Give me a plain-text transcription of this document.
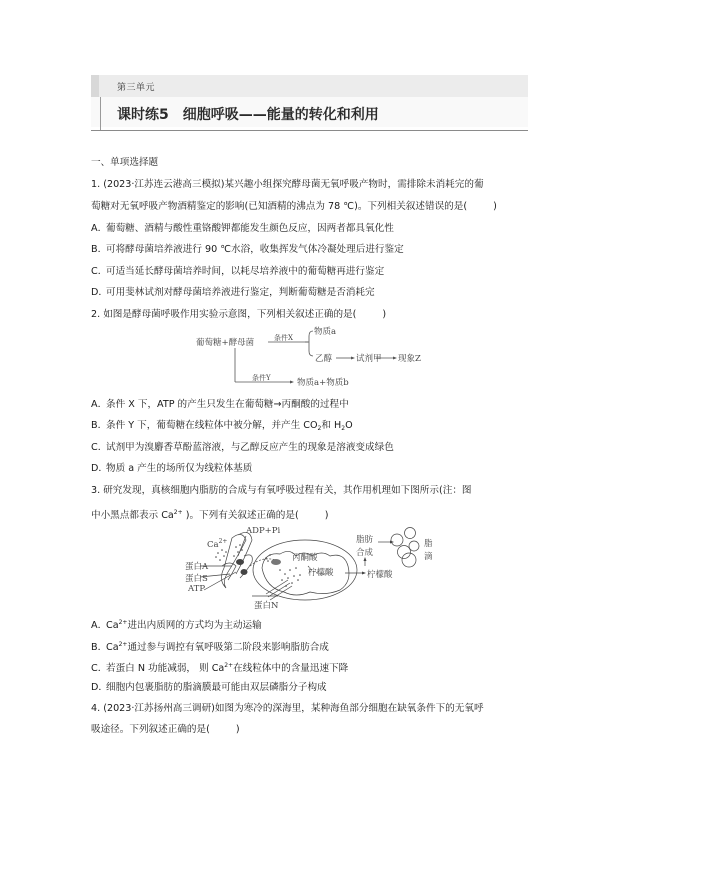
第三单元
课时练5 细胞呼吸——能量的转化和利用
一、单项选择题
1. (2023·江苏连云港高三模拟)某兴趣小组探究酵母菌无氧呼吸产物时，需排除未消耗完的葡
萄糖对无氧呼吸产物酒精鉴定的影响(已知酒精的沸点为 78 ℃)。下列相关叙述错误的是(	)
A．葡萄糖、酒精与酸性重铬酸钾都能发生颜色反应，因两者都具氧化性
B．可将酵母菌培养液进行 90 ℃水浴，收集挥发气体冷凝处理后进行鉴定
C．可适当延长酵母菌培养时间，以耗尽培养液中的葡萄糖再进行鉴定
D．可用斐林试剂对酵母菌培养液进行鉴定，判断葡萄糖是否消耗完
2. 如图是酵母菌呼吸作用实验示意图，下列相关叙述正确的是(	)
葡萄糖+酵母菌	条件X
物质a
乙醇	试剂甲 现象Z
条件Y	物质a+物质b
A．条件 X 下，ATP 的产生只发生在葡萄糖→丙酮酸的过程中
B．条件 Y 下，葡萄糖在线粒体中被分解，并产生 $CO_2$和 $H_2O$
C．试剂甲为溴麝香草酚蓝溶液，与乙醇反应产生的现象是溶液变成绿色
D．物质 a 产生的场所仅为线粒体基质
3. 研究发现，真核细胞内脂肪的合成与有氧呼吸过程有关，其作用机理如下图所示(注：图
中小黑点都表示 $Ca^{2+}$ )。下列有关叙述正确的是(	)
$Ca^{2+}$
ADP+Pi
蛋白A
蛋白S
ATP
蛋白N
丙酮酸
柠檬酸	柠檬酸
脂肪
合成
脂
滴
A．$Ca^{2+}$进出内质网的方式均为主动运输
B．$Ca^{2+}$通过参与调控有氧呼吸第二阶段来影响脂肪合成
C．若蛋白 N 功能减弱， 则 $Ca^{2+}$在线粒体中的含量迅速下降
D．细胞内包裹脂肪的脂滴膜最可能由双层磷脂分子构成
4. (2023·江苏扬州高三调研)如图为寒冷的深海里，某种海鱼部分细胞在缺氧条件下的无氧呼
吸途径。下列叙述正确的是(	)
